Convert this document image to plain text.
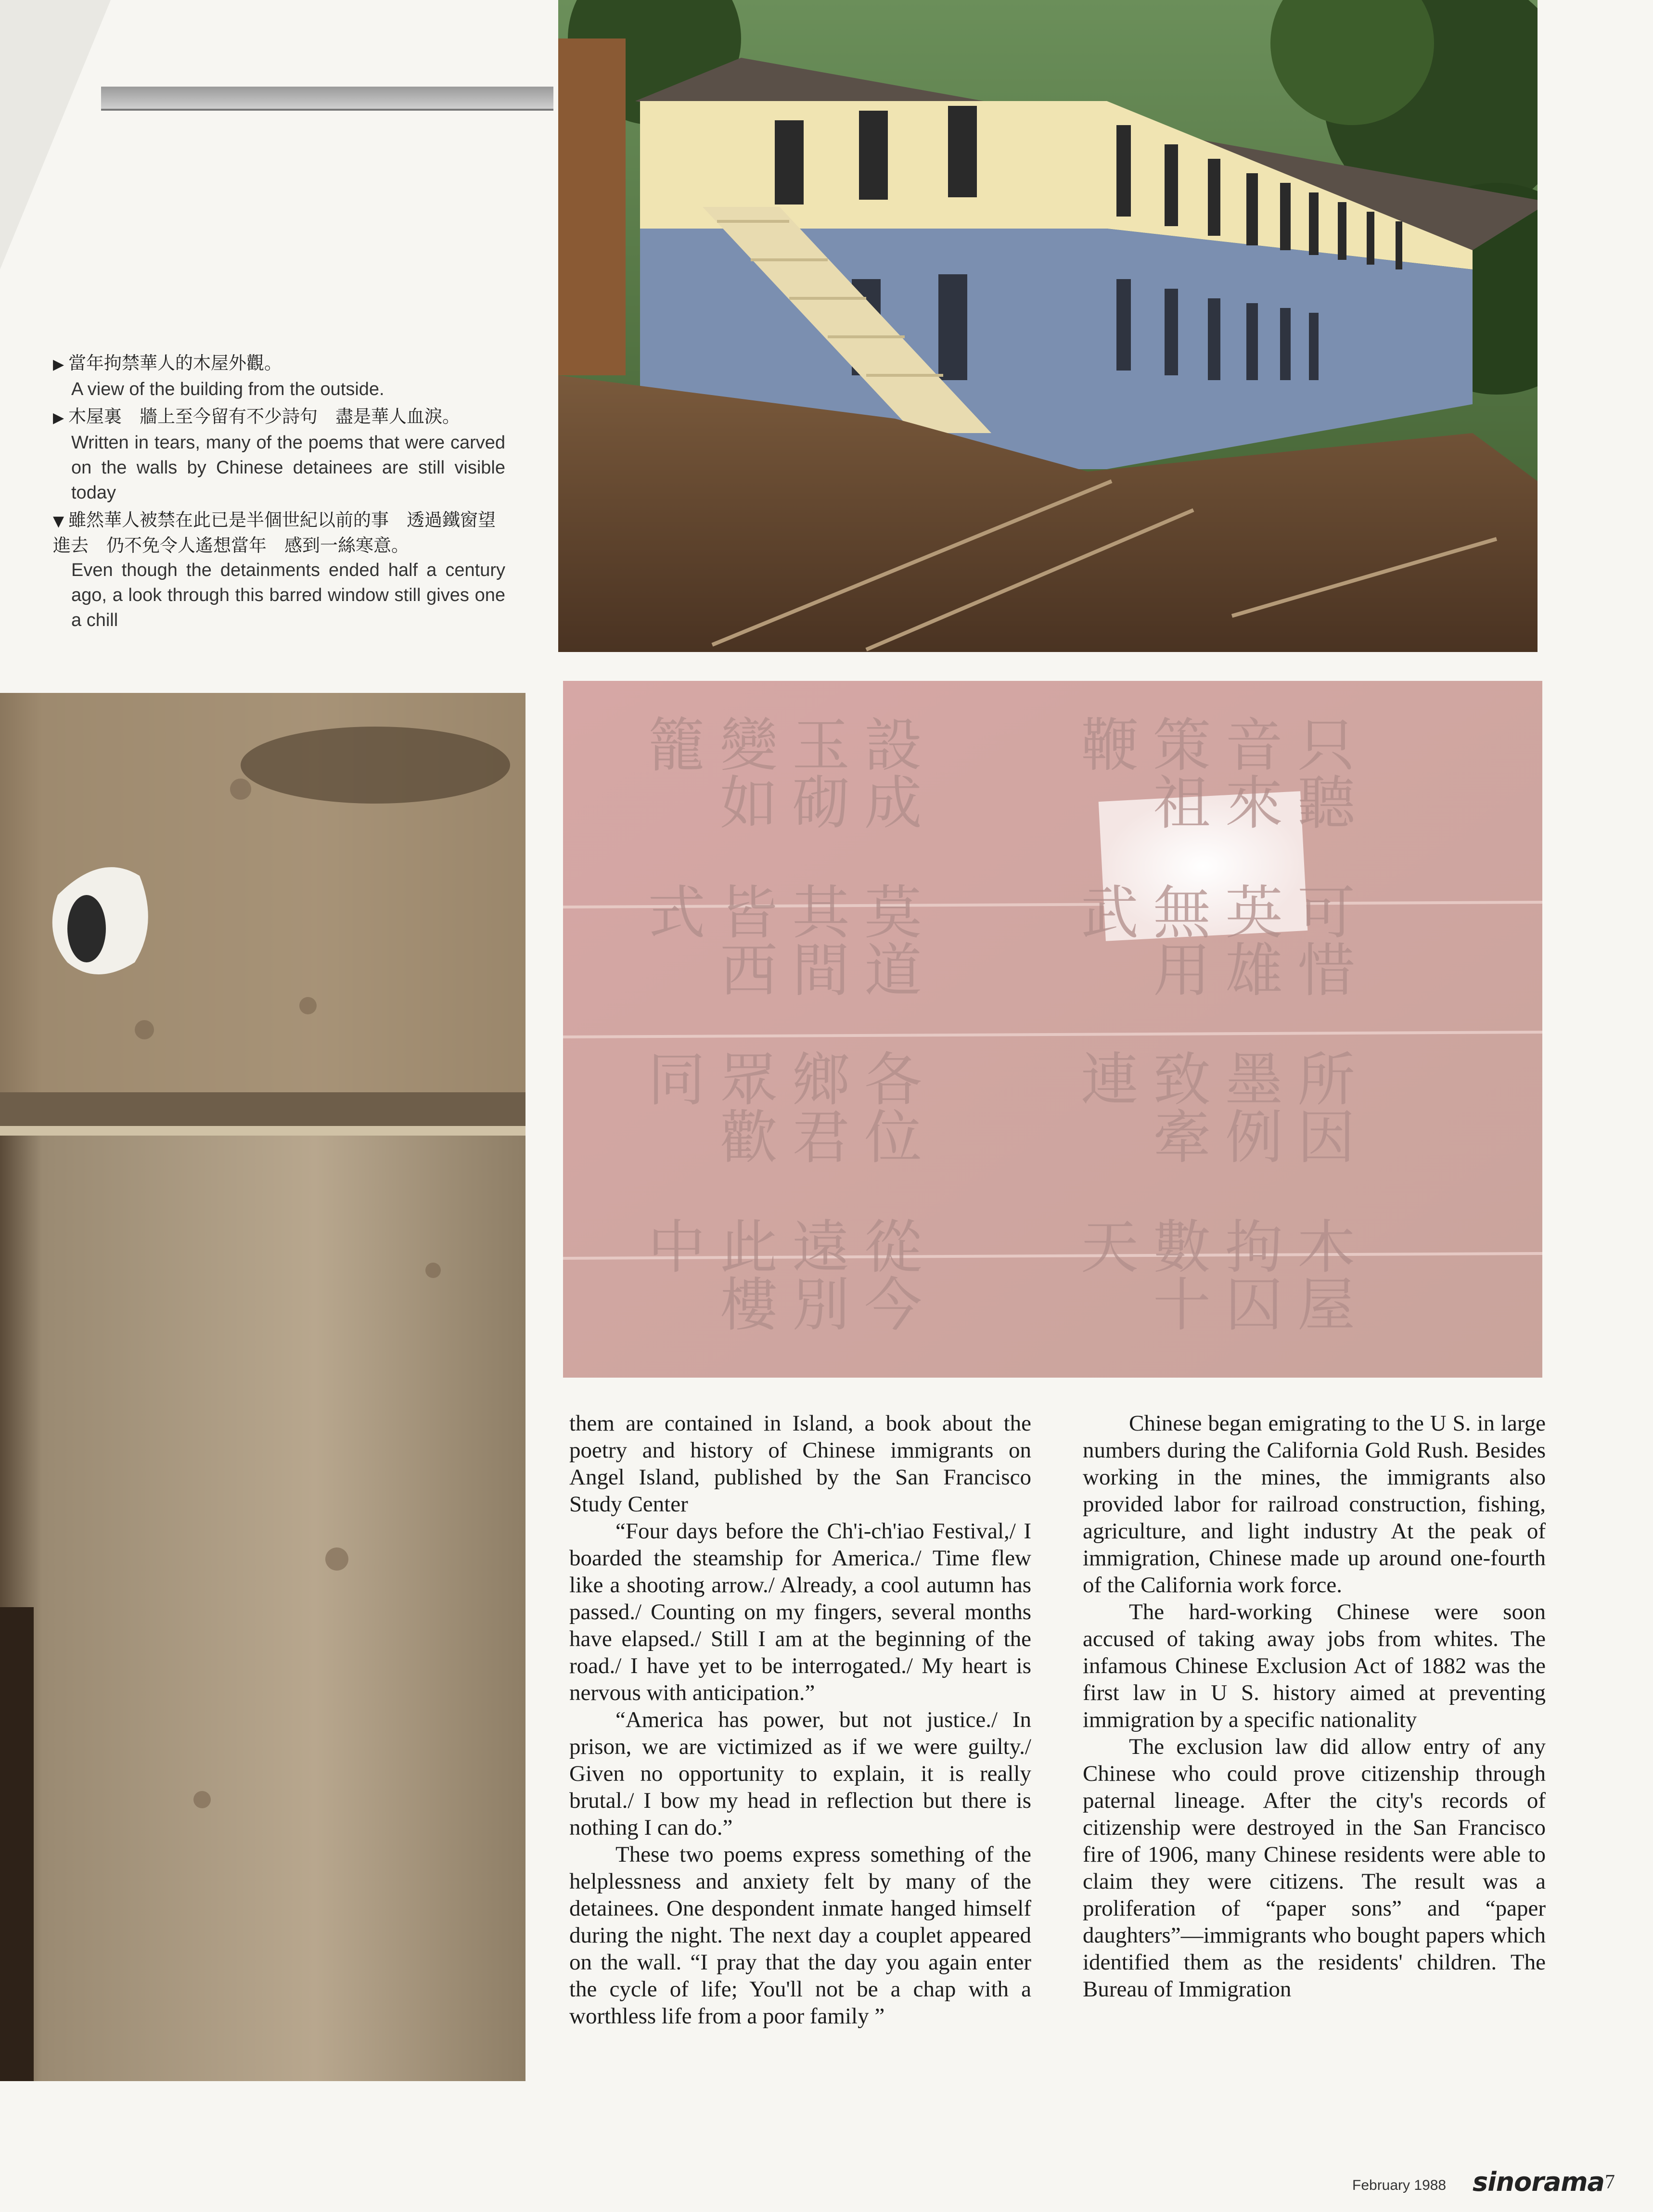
▶ 當年拘禁華人的木屋外觀。
A view of the building from the outside.
▶ 木屋裏　牆上至今留有不少詩句　盡是華人血淚。
Written in tears, many of the poems that were carved on the walls by Chinese detainees are still visible today
▼ 雖然華人被禁在此已是半個世紀以前的事　透過鐵窗望進去　仍不免令人遙想當年　感到一絲寒意。
Even though the detainments ended half a century ago, a look through this barred window still gives one a chill
木屋拘囚數十天
所因墨例致牽連
可惜英雄無用武
只聽音來策祖鞭
從今遠別此樓中
各位鄉君眾歡同
莫道其間皆西式
設成玉砌變如籠

them are contained in Island, a book about the poetry and history of Chinese immigrants on Angel Island, published by the San Francisco Study Center

“Four days before the Ch'i-ch'iao Festival,/ I boarded the steamship for America./ Time flew like a shooting arrow./ Already, a cool autumn has passed./ Counting on my fingers, several months have elapsed./ Still I am at the beginning of the road./ I have yet to be interrogated./ My heart is nervous with anticipation.”

“America has power, but not justice./ In prison, we are victimized as if we were guilty./ Given no opportunity to explain, it is really brutal./ I bow my head in reflection but there is nothing I can do.”

These two poems express something of the helplessness and anxiety felt by many of the detainees. One despondent inmate hanged himself during the night. The next day a couplet appeared on the wall. “I pray that the day you again enter the cycle of life; You'll not be a chap with a worthless life from a poor family ”

Chinese began emigrating to the U S. in large numbers during the California Gold Rush. Besides working in the mines, the immigrants also provided labor for railroad construction, fishing, agriculture, and light industry At the peak of immigration, Chinese made up around one-fourth of the California work force.

The hard-working Chinese were soon accused of taking away jobs from whites. The infamous Chinese Exclusion Act of 1882 was the first law in U S. history aimed at preventing immigration by a specific nationality

The exclusion law did allow entry of any Chinese who could prove citizenship through paternal lineage. After the city's records of citizenship were destroyed in the San Francisco fire of 1906, many Chinese residents were able to claim they were citizens. The result was a proliferation of “paper sons” and “paper daughters”—immigrants who bought papers which identified them as the residents' children. The Bureau of Immigration

February 1988 sinorama 7
